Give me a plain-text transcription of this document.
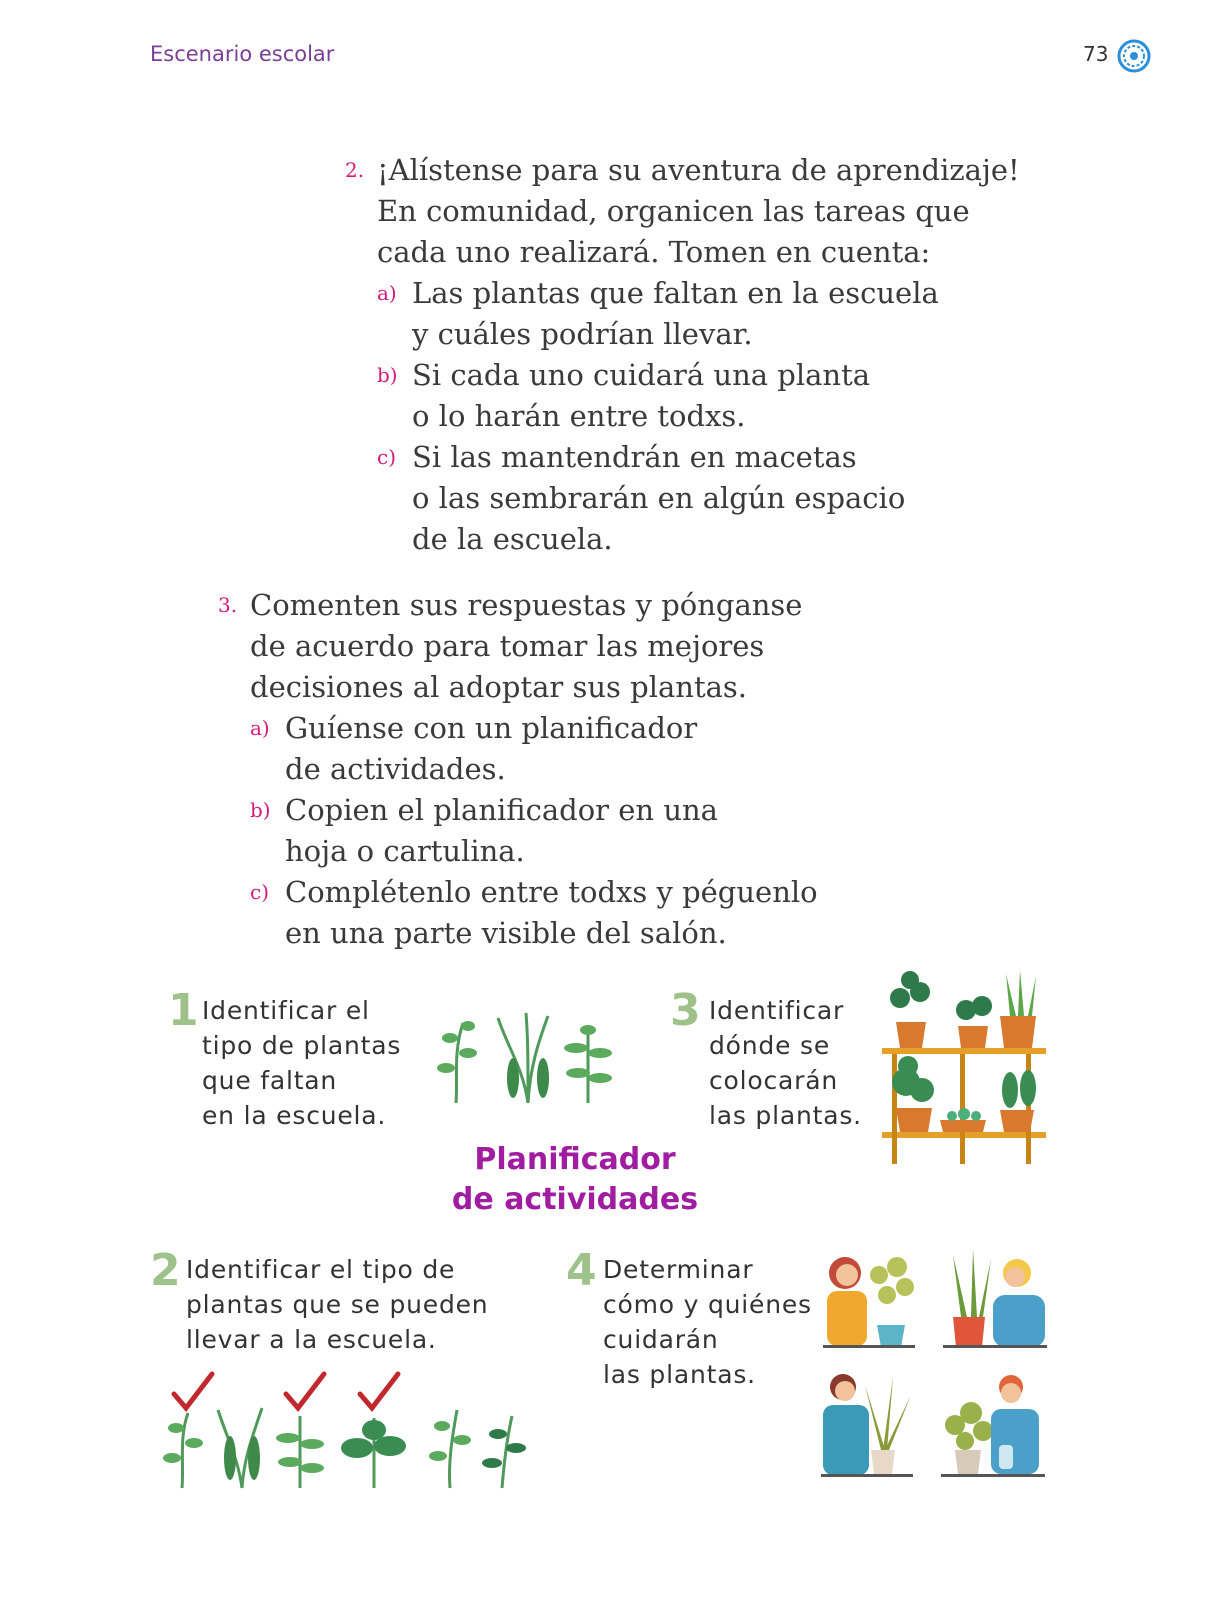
Escenario escolar	73
2. ¡Alístense para su aventura de aprendizaje!
En comunidad, organicen las tareas que
cada uno realizará. Tomen en cuenta:
a) Las plantas que faltan en la escuela
y cuáles podrían llevar.
b) Si cada uno cuidará una planta
o lo harán entre todxs.
c) Si las mantendrán en macetas
o las sembrarán en algún espacio
de la escuela.
3. Comenten sus respuestas y pónganse
de acuerdo para tomar las mejores
decisiones al adoptar sus plantas.
a) Guíense con un planificador
de actividades.
b) Copien el planificador en una
hoja o cartulina.
c) Complétenlo entre todxs y péguenlo
en una parte visible del salón.
1 Identificar el
tipo de plantas
que faltan
en la escuela.
3 Identificar
dónde se
colocarán
las plantas.
Planificador
de actividades
2 Identificar el tipo de
plantas que se pueden
llevar a la escuela.
4 Determinar
cómo y quiénes
cuidarán
las plantas.
